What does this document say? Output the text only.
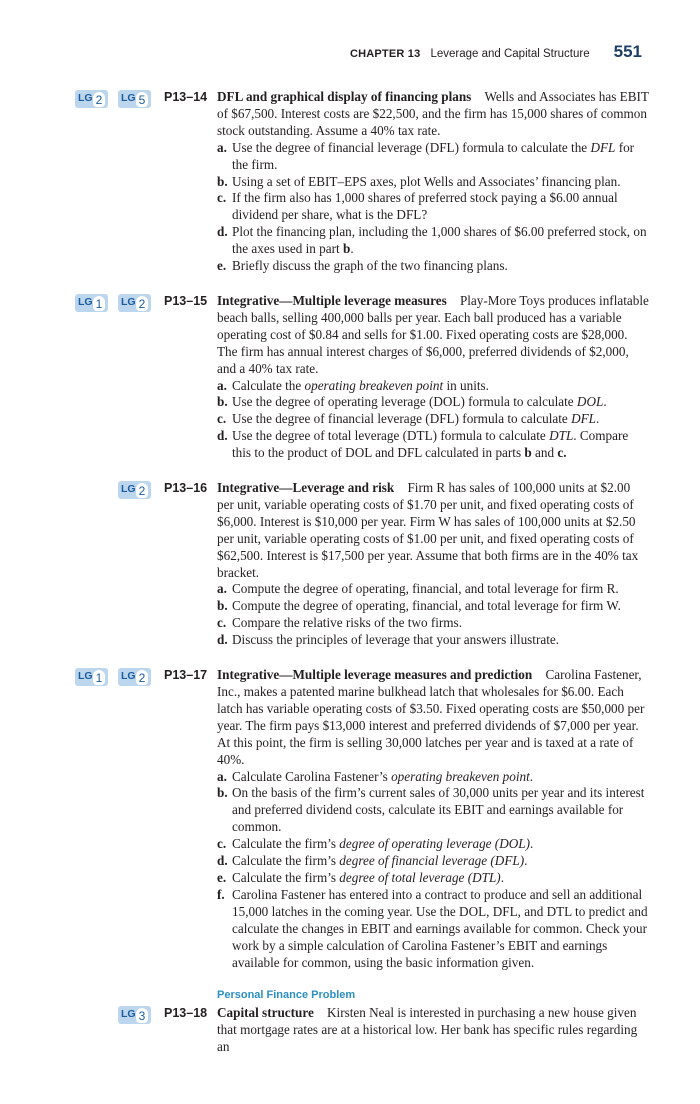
CHAPTER 13 Leverage and Capital Structure 551
LG 2 LG 5 P13–14 DFL and graphical display of financing plans Wells and Associates has EBIT of $67,500. Interest costs are $22,500, and the firm has 15,000 shares of common stock outstanding. Assume a 40% tax rate.
a. Use the degree of financial leverage (DFL) formula to calculate the DFL for the firm.
b. Using a set of EBIT–EPS axes, plot Wells and Associates’ financing plan.
c. If the firm also has 1,000 shares of preferred stock paying a $6.00 annual dividend per share, what is the DFL?
d. Plot the financing plan, including the 1,000 shares of $6.00 preferred stock, on the axes used in part b.
e. Briefly discuss the graph of the two financing plans.
LG 1 LG 2 P13–15 Integrative—Multiple leverage measures Play-More Toys produces inflatable beach balls, selling 400,000 balls per year. Each ball produced has a variable operating cost of $0.84 and sells for $1.00. Fixed operating costs are $28,000. The firm has annual interest charges of $6,000, preferred dividends of $2,000, and a 40% tax rate.
a. Calculate the operating breakeven point in units.
b. Use the degree of operating leverage (DOL) formula to calculate DOL.
c. Use the degree of financial leverage (DFL) formula to calculate DFL.
d. Use the degree of total leverage (DTL) formula to calculate DTL. Compare this to the product of DOL and DFL calculated in parts b and c.
LG 2 P13–16 Integrative—Leverage and risk Firm R has sales of 100,000 units at $2.00 per unit, variable operating costs of $1.70 per unit, and fixed operating costs of $6,000. Interest is $10,000 per year. Firm W has sales of 100,000 units at $2.50 per unit, variable operating costs of $1.00 per unit, and fixed operating costs of $62,500. Interest is $17,500 per year. Assume that both firms are in the 40% tax bracket.
a. Compute the degree of operating, financial, and total leverage for firm R.
b. Compute the degree of operating, financial, and total leverage for firm W.
c. Compare the relative risks of the two firms.
d. Discuss the principles of leverage that your answers illustrate.
LG 1 LG 2 P13–17 Integrative—Multiple leverage measures and prediction Carolina Fastener, Inc., makes a patented marine bulkhead latch that wholesales for $6.00. Each latch has variable operating costs of $3.50. Fixed operating costs are $50,000 per year. The firm pays $13,000 interest and preferred dividends of $7,000 per year. At this point, the firm is selling 30,000 latches per year and is taxed at a rate of 40%.
a. Calculate Carolina Fastener’s operating breakeven point.
b. On the basis of the firm’s current sales of 30,000 units per year and its interest and preferred dividend costs, calculate its EBIT and earnings available for common.
c. Calculate the firm’s degree of operating leverage (DOL).
d. Calculate the firm’s degree of financial leverage (DFL).
e. Calculate the firm’s degree of total leverage (DTL).
f. Carolina Fastener has entered into a contract to produce and sell an additional 15,000 latches in the coming year. Use the DOL, DFL, and DTL to predict and calculate the changes in EBIT and earnings available for common. Check your work by a simple calculation of Carolina Fastener’s EBIT and earnings available for common, using the basic information given.
Personal Finance Problem
LG 3 P13–18 Capital structure Kirsten Neal is interested in purchasing a new house given that mortgage rates are at a historical low. Her bank has specific rules regarding an
